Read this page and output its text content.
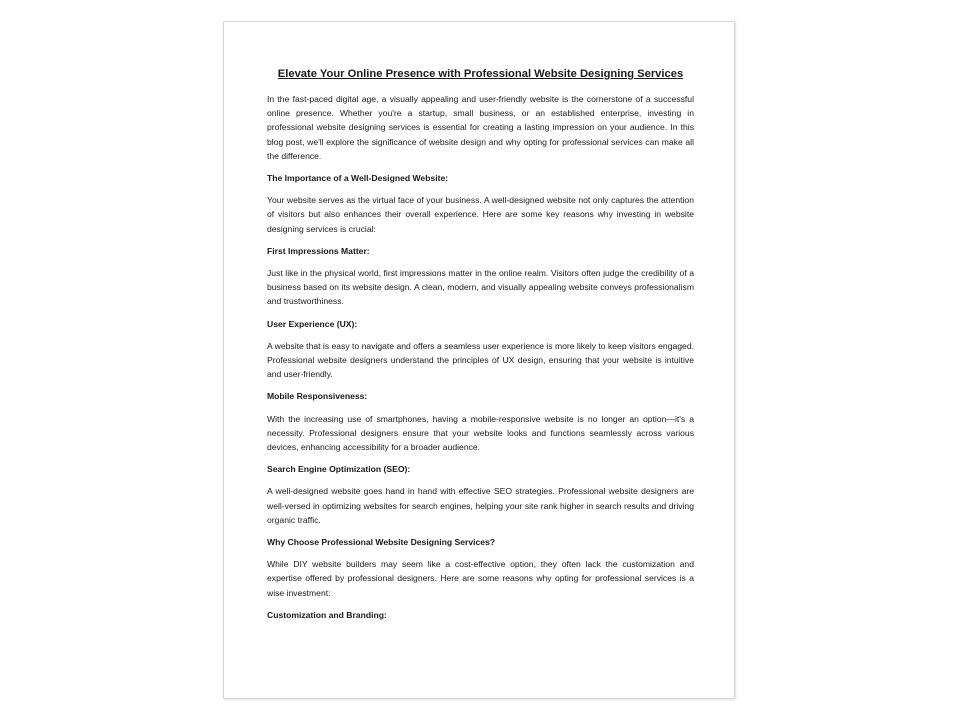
Elevate Your Online Presence with Professional Website Designing Services

In the fast-paced digital age, a visually appealing and user-friendly website is the cornerstone of a successful online presence. Whether you're a startup, small business, or an established enterprise, investing in professional website designing services is essential for creating a lasting impression on your audience. In this blog post, we'll explore the significance of website design and why opting for professional services can make all the difference.

The Importance of a Well-Designed Website:

Your website serves as the virtual face of your business. A well-designed website not only captures the attention of visitors but also enhances their overall experience. Here are some key reasons why investing in website designing services is crucial:

First Impressions Matter:

Just like in the physical world, first impressions matter in the online realm. Visitors often judge the credibility of a business based on its website design. A clean, modern, and visually appealing website conveys professionalism and trustworthiness.

User Experience (UX):

A website that is easy to navigate and offers a seamless user experience is more likely to keep visitors engaged. Professional website designers understand the principles of UX design, ensuring that your website is intuitive and user-friendly.

Mobile Responsiveness:

With the increasing use of smartphones, having a mobile-responsive website is no longer an option—it's a necessity. Professional designers ensure that your website looks and functions seamlessly across various devices, enhancing accessibility for a broader audience.

Search Engine Optimization (SEO):

A well-designed website goes hand in hand with effective SEO strategies. Professional website designers are well-versed in optimizing websites for search engines, helping your site rank higher in search results and driving organic traffic.

Why Choose Professional Website Designing Services?

While DIY website builders may seem like a cost-effective option, they often lack the customization and expertise offered by professional designers. Here are some reasons why opting for professional services is a wise investment:

Customization and Branding:
